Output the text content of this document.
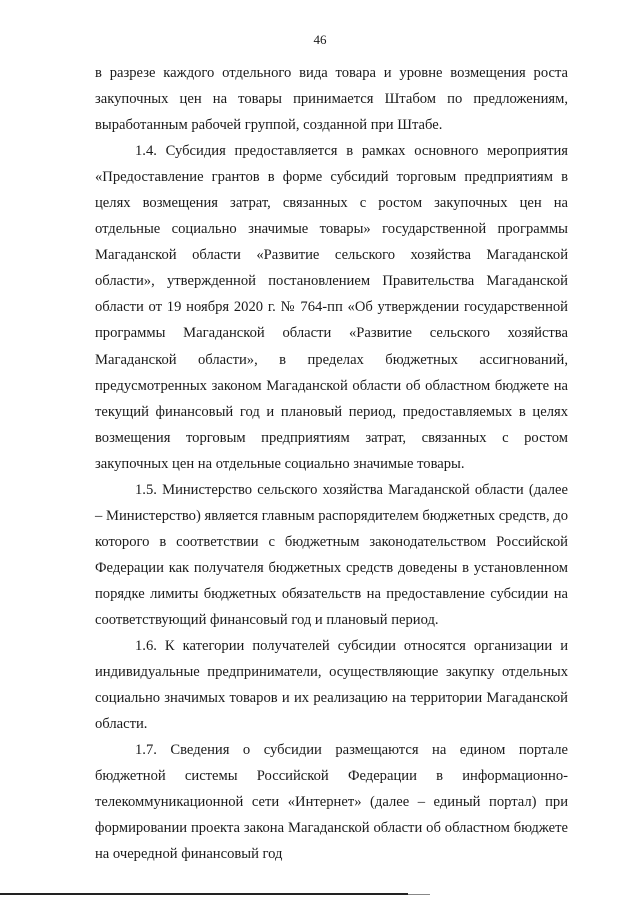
46

в разрезе каждого отдельного вида товара и уровне возмещения роста закупочных цен на товары принимается Штабом по предложениям, выработанным рабочей группой, созданной при Штабе.

1.4. Субсидия предоставляется в рамках основного мероприятия «Предоставление грантов в форме субсидий торговым предприятиям в целях возмещения затрат, связанных с ростом закупочных цен на отдельные социально значимые товары» государственной программы Магаданской области «Развитие сельского хозяйства Магаданской области», утвержденной постановлением Правительства Магаданской области от 19 ноября 2020 г. № 764-пп «Об утверждении государственной программы Магаданской области «Развитие сельского хозяйства Магаданской области», в пределах бюджетных ассигнований, предусмотренных законом Магаданской области об областном бюджете на текущий финансовый год и плановый период, предоставляемых в целях возмещения торговым предприятиям затрат, связанных с ростом закупочных цен на отдельные социально значимые товары.

1.5. Министерство сельского хозяйства Магаданской области (далее – Министерство) является главным распорядителем бюджетных средств, до которого в соответствии с бюджетным законодательством Российской Федерации как получателя бюджетных средств доведены в установленном порядке лимиты бюджетных обязательств на предоставление субсидии на соответствующий финансовый год и плановый период.

1.6. К категории получателей субсидии относятся организации и индивидуальные предприниматели, осуществляющие закупку отдельных социально значимых товаров и их реализацию на территории Магаданской области.

1.7. Сведения о субсидии размещаются на едином портале бюджетной системы Российской Федерации в информационно-телекоммуникационной сети «Интернет» (далее – единый портал) при формировании проекта закона Магаданской области об областном бюджете на очередной финансовый год
